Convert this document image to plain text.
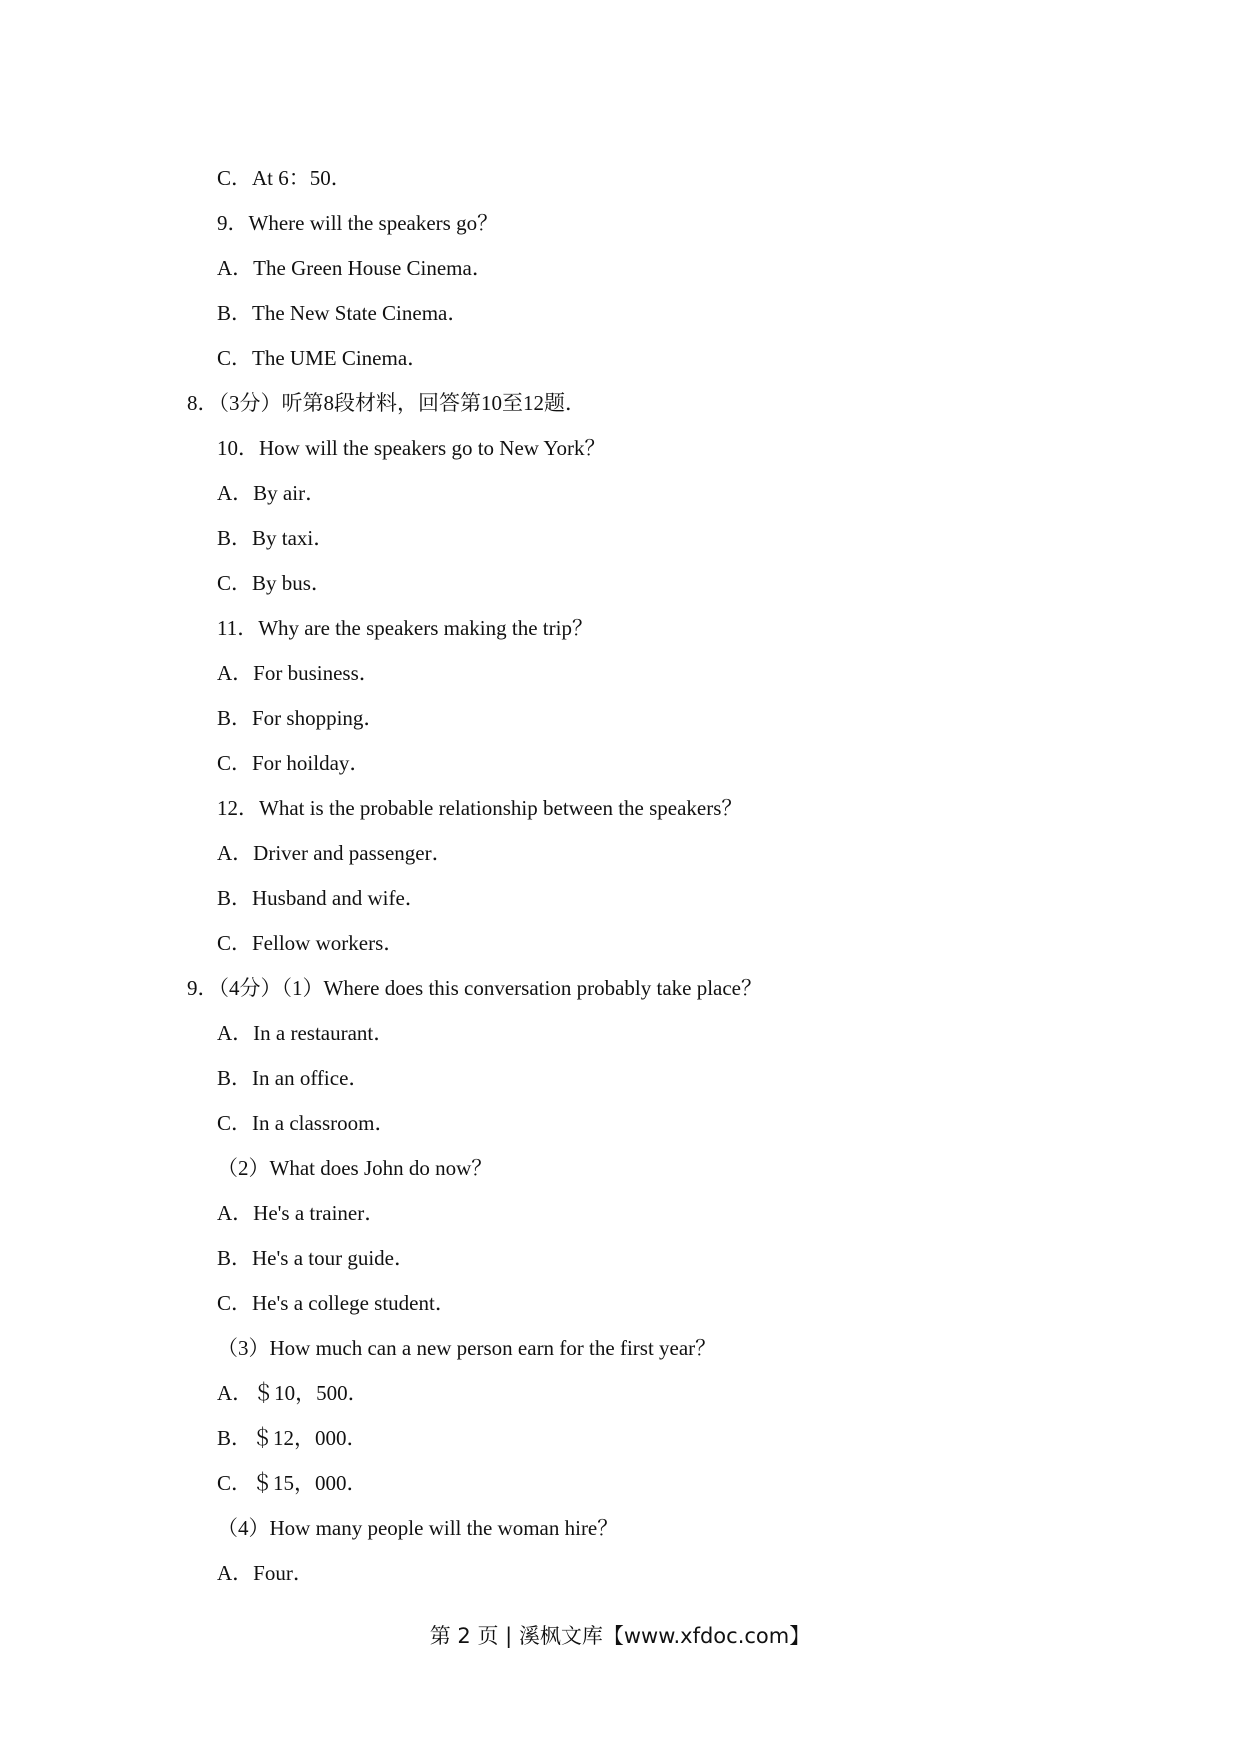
C．At 6：50．
9．Where will the speakers go？
A．The Green House Cinema．
B．The New State Cinema．
C．The UME Cinema．
8．（3分）听第8段材料，回答第10至12题．
10．How will the speakers go to New York？
A．By air．
B．By taxi．
C．By bus．
11．Why are the speakers making the trip？
A．For business．
B．For shopping．
C．For hoilday．
12．What is the probable relationship between the speakers？
A．Driver and passenger．
B．Husband and wife．
C．Fellow workers．
9．（4分）（1）Where does this conversation probably take place？
A．In a restaurant．
B．In an office．
C．In a classroom．
（2）What does John do now？
A．He's a trainer．
B．He's a tour guide．
C．He's a college student．
（3）How much can a new person earn for the first year？
A．＄10，500．
B．＄12，000．
C．＄15，000．
（4）How many people will the woman hire？
A．Four．
第 2 页 | 溪枫文库【www.xfdoc.com】
